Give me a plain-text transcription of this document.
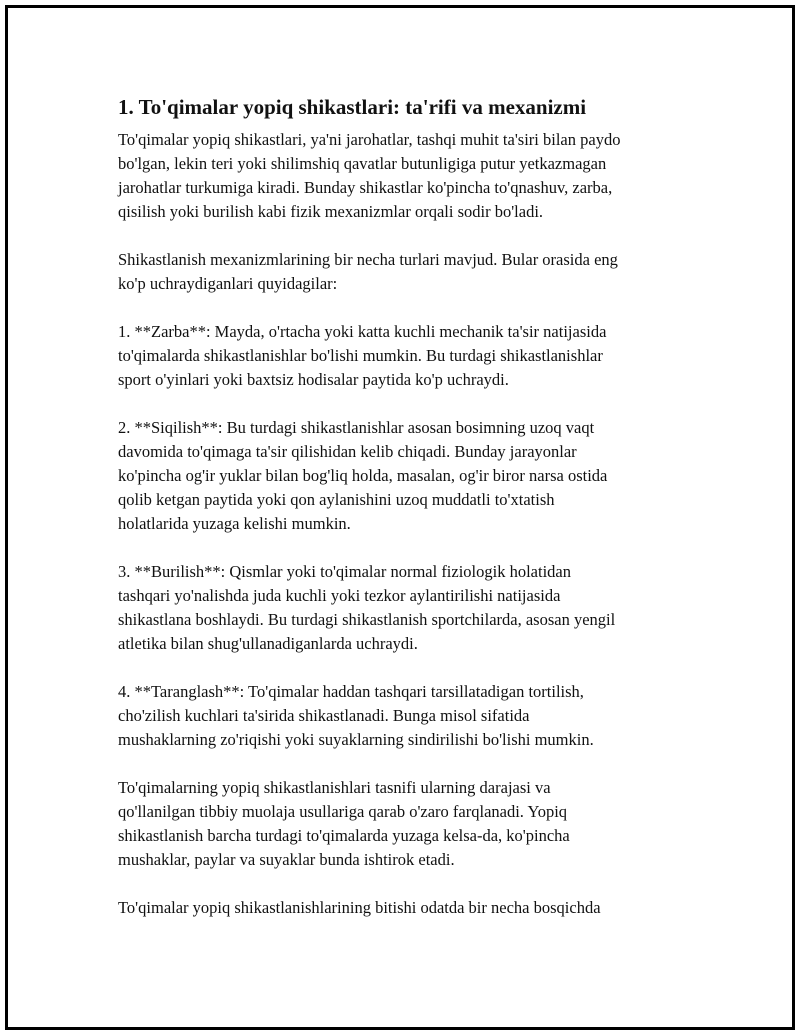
1. To'qimalar yopiq shikastlari: ta'rifi va mexanizmi
To'qimalar yopiq shikastlari, ya'ni jarohatlar, tashqi muhit ta'siri bilan paydo
bo'lgan, lekin teri yoki shilimshiq qavatlar butunligiga putur yetkazmagan
jarohatlar turkumiga kiradi. Bunday shikastlar ko'pincha to'qnashuv, zarba,
qisilish yoki burilish kabi fizik mexanizmlar orqali sodir bo'ladi.
Shikastlanish mexanizmlarining bir necha turlari mavjud. Bular orasida eng
ko'p uchraydiganlari quyidagilar:
1. **Zarba**: Mayda, o'rtacha yoki katta kuchli mechanik ta'sir natijasida
to'qimalarda shikastlanishlar bo'lishi mumkin. Bu turdagi shikastlanishlar
sport o'yinlari yoki baxtsiz hodisalar paytida ko'p uchraydi.
2. **Siqilish**: Bu turdagi shikastlanishlar asosan bosimning uzoq vaqt
davomida to'qimaga ta'sir qilishidan kelib chiqadi. Bunday jarayonlar
ko'pincha og'ir yuklar bilan bog'liq holda, masalan, og'ir biror narsa ostida
qolib ketgan paytida yoki qon aylanishini uzoq muddatli to'xtatish
holatlarida yuzaga kelishi mumkin.
3. **Burilish**: Qismlar yoki to'qimalar normal fiziologik holatidan
tashqari yo'nalishda juda kuchli yoki tezkor aylantirilishi natijasida
shikastlana boshlaydi. Bu turdagi shikastlanish sportchilarda, asosan yengil
atletika bilan shug'ullanadiganlarda uchraydi.
4. **Taranglash**: To'qimalar haddan tashqari tarsillatadigan tortilish,
cho'zilish kuchlari ta'sirida shikastlanadi. Bunga misol sifatida
mushaklarning zo'riqishi yoki suyaklarning sindirilishi bo'lishi mumkin.
To'qimalarning yopiq shikastlanishlari tasnifi ularning darajasi va
qo'llanilgan tibbiy muolaja usullariga qarab o'zaro farqlanadi. Yopiq
shikastlanish barcha turdagi to'qimalarda yuzaga kelsa-da, ko'pincha
mushaklar, paylar va suyaklar bunda ishtirok etadi.
To'qimalar yopiq shikastlanishlarining bitishi odatda bir necha bosqichda
